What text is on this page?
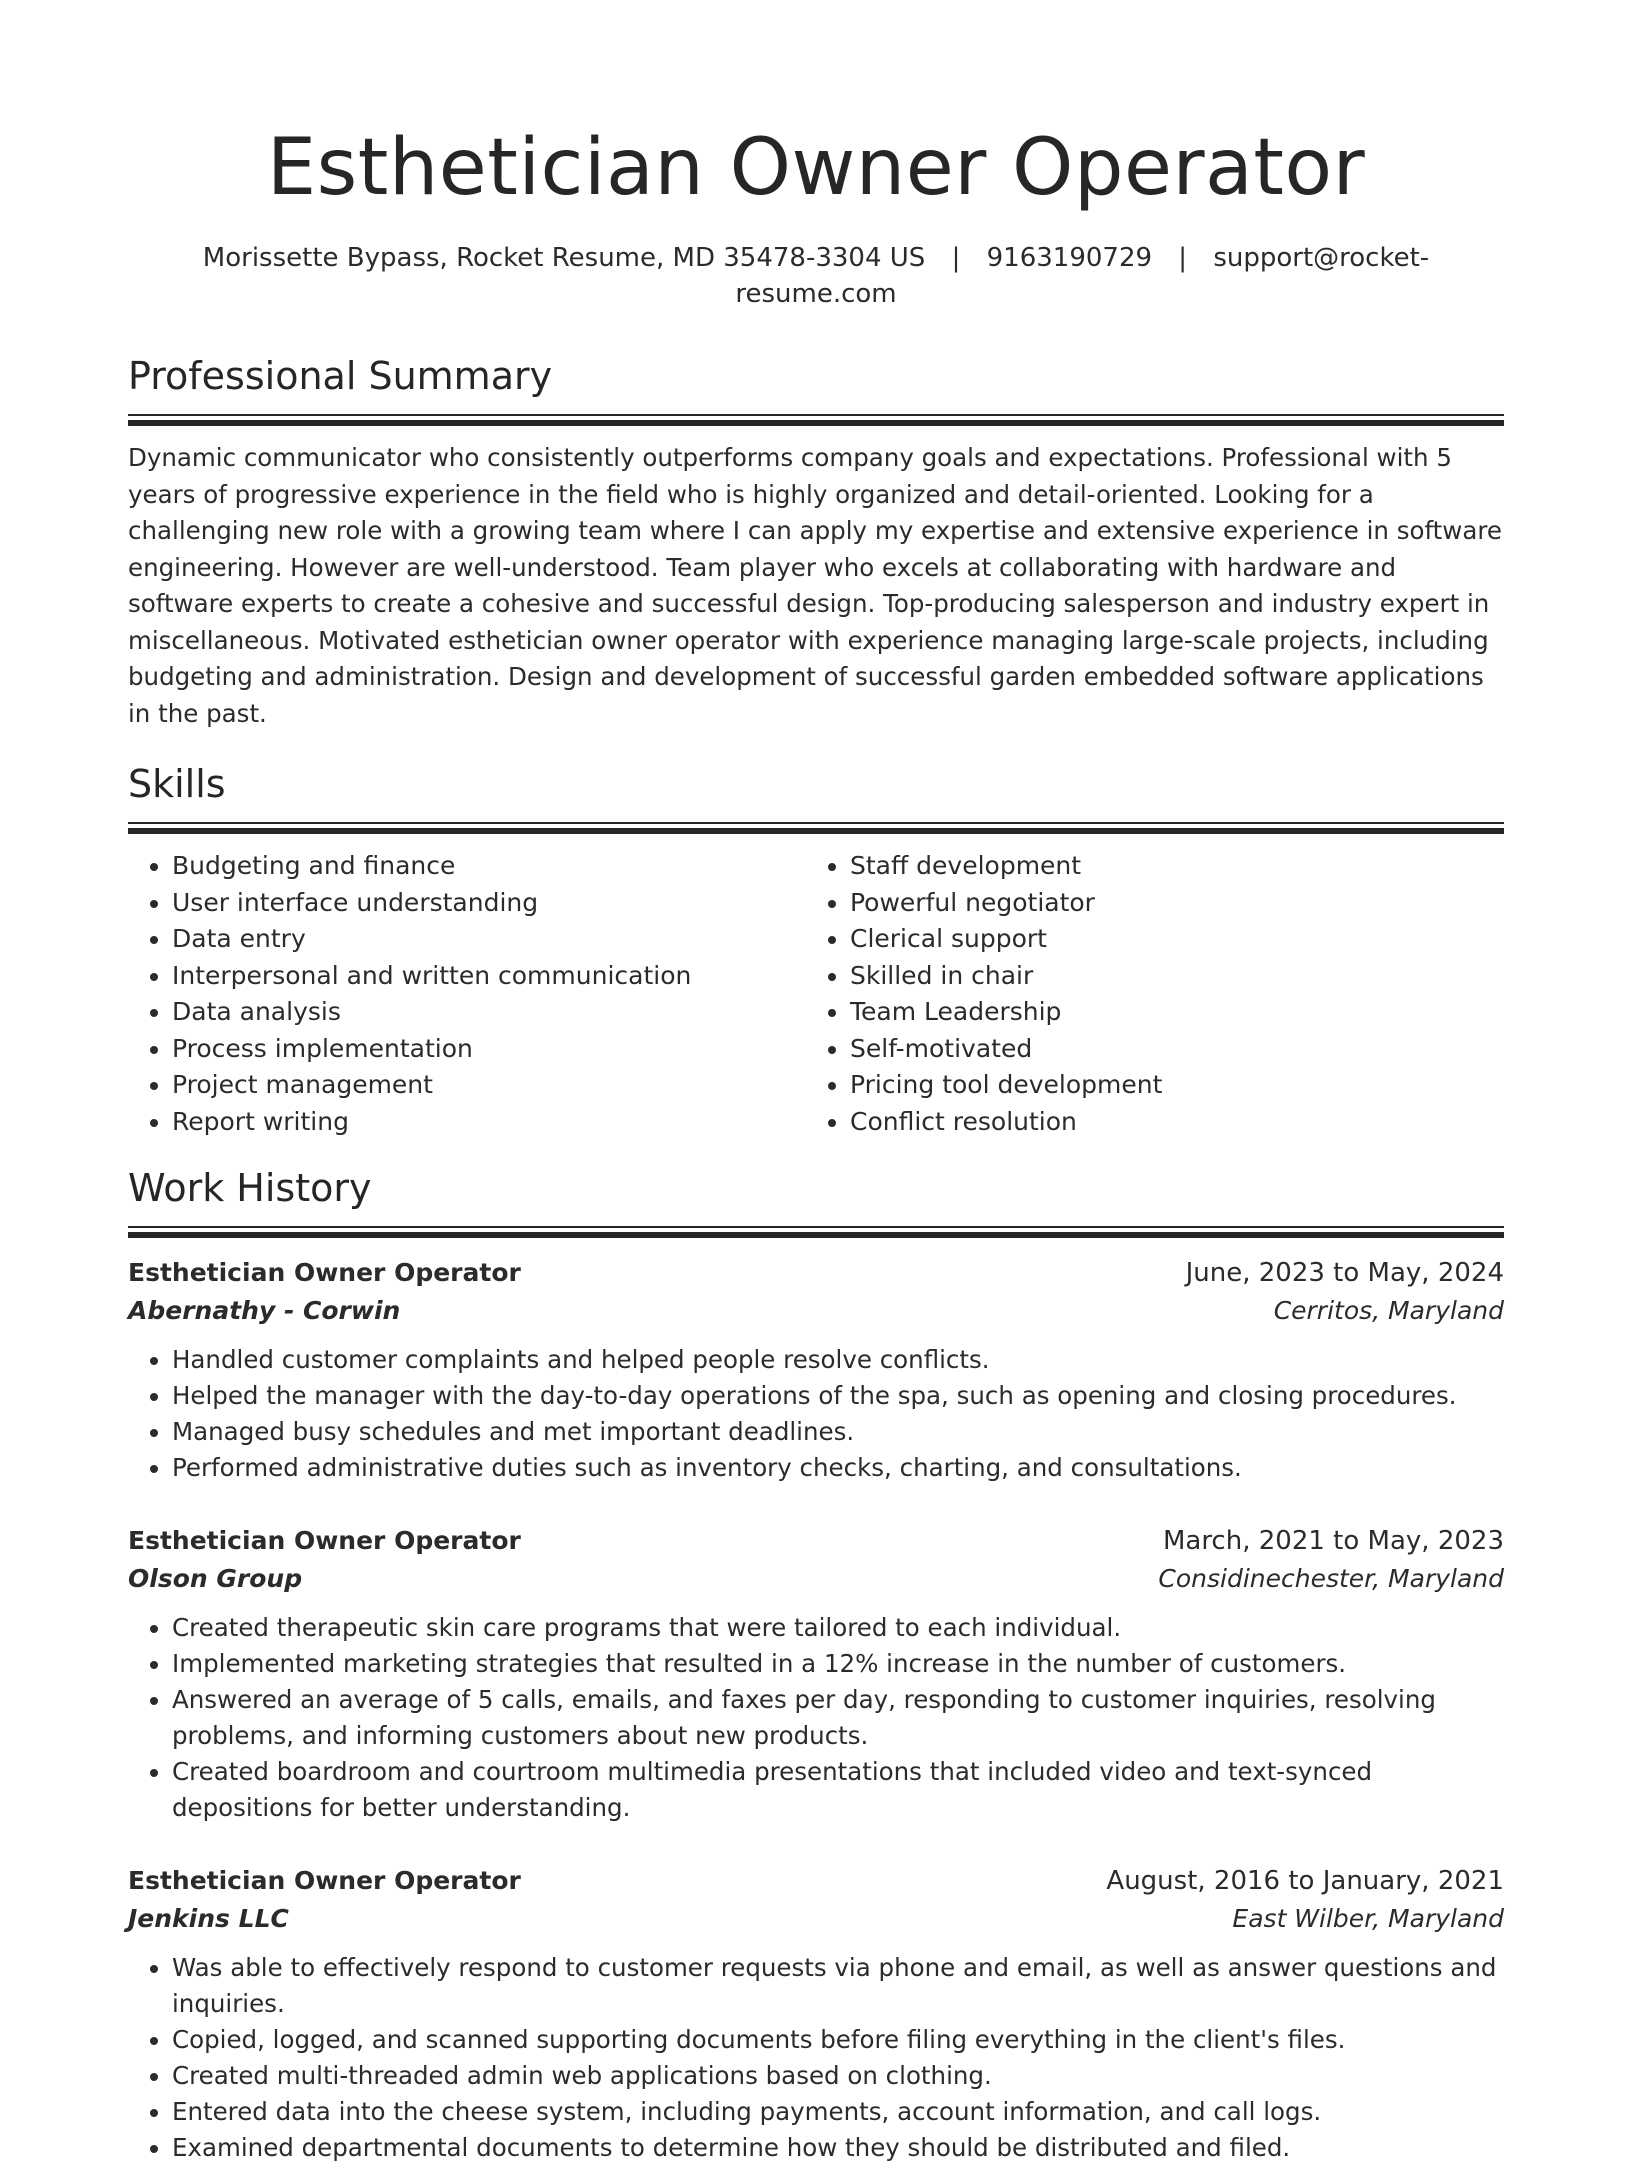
Esthetician Owner Operator
Morissette Bypass, Rocket Resume, MD 35478-3304 US | 9163190729 | support@rocket-resume.com
Professional Summary
Dynamic communicator who consistently outperforms company goals and expectations. Professional with 5 years of progressive experience in the field who is highly organized and detail-oriented. Looking for a challenging new role with a growing team where I can apply my expertise and extensive experience in software engineering. However are well-understood. Team player who excels at collaborating with hardware and software experts to create a cohesive and successful design. Top-producing salesperson and industry expert in miscellaneous. Motivated esthetician owner operator with experience managing large-scale projects, including budgeting and administration. Design and development of successful garden embedded software applications in the past.
Skills
• Budgeting and finance
• User interface understanding
• Data entry
• Interpersonal and written communication
• Data analysis
• Process implementation
• Project management
• Report writing
• Staff development
• Powerful negotiator
• Clerical support
• Skilled in chair
• Team Leadership
• Self-motivated
• Pricing tool development
• Conflict resolution
Work History
Esthetician Owner Operator	June, 2023 to May, 2024
Abernathy - Corwin	Cerritos, Maryland
• Handled customer complaints and helped people resolve conflicts.
• Helped the manager with the day-to-day operations of the spa, such as opening and closing procedures.
• Managed busy schedules and met important deadlines.
• Performed administrative duties such as inventory checks, charting, and consultations.
Esthetician Owner Operator	March, 2021 to May, 2023
Olson Group	Considinechester, Maryland
• Created therapeutic skin care programs that were tailored to each individual.
• Implemented marketing strategies that resulted in a 12% increase in the number of customers.
• Answered an average of 5 calls, emails, and faxes per day, responding to customer inquiries, resolving problems, and informing customers about new products.
• Created boardroom and courtroom multimedia presentations that included video and text-synced depositions for better understanding.
Esthetician Owner Operator	August, 2016 to January, 2021
Jenkins LLC	East Wilber, Maryland
• Was able to effectively respond to customer requests via phone and email, as well as answer questions and inquiries.
• Copied, logged, and scanned supporting documents before filing everything in the client's files.
• Created multi-threaded admin web applications based on clothing.
• Entered data into the cheese system, including payments, account information, and call logs.
• Examined departmental documents to determine how they should be distributed and filed.
